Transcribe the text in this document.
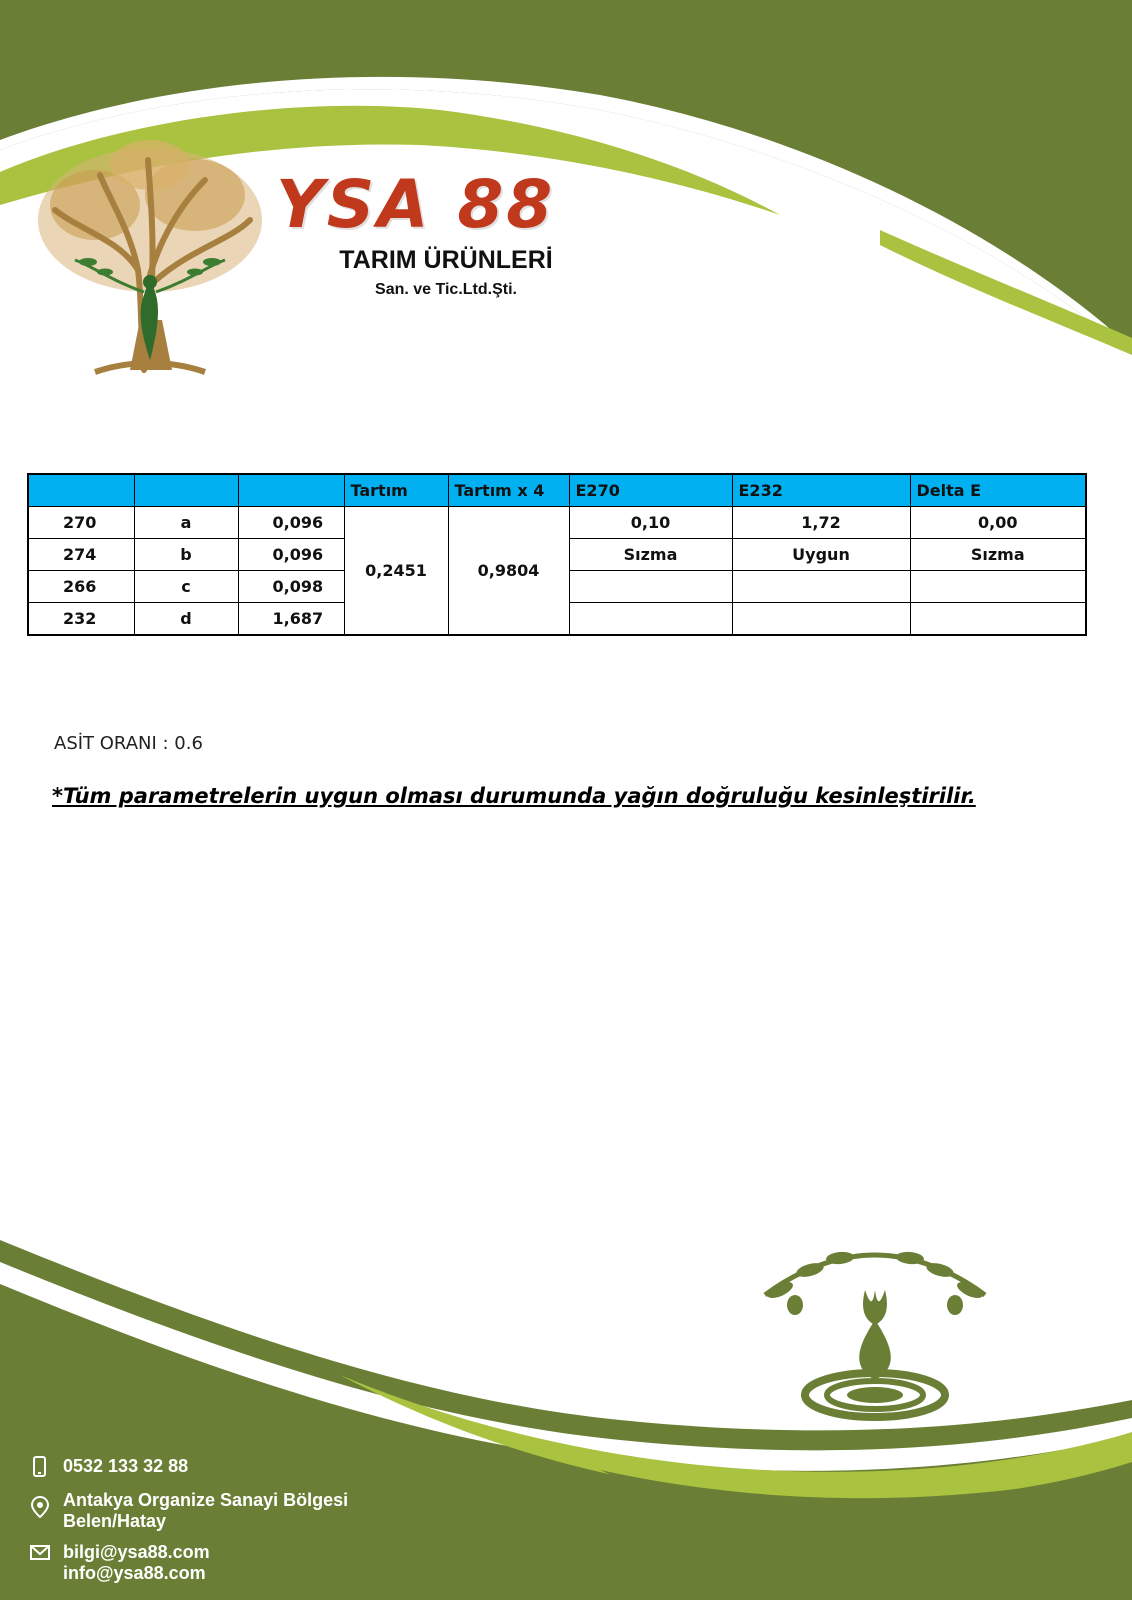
YSA 88
TARIM ÜRÜNLERİ
San. ve Tic.Ltd.Şti.
			Tartım	Tartım x 4	E270	E232	Delta E
270	a	0,096	0,2451	0,9804	0,10	1,72	0,00
274	b	0,096			Sızma	Uygun	Sızma
266	c	0,098					
232	d	1,687					
ASİT ORANI : 0.6
*Tüm parametrelerin uygun olması durumunda yağın doğruluğu kesinleştirilir.
0532 133 32 88
Antakya Organize Sanayi Bölgesi
Belen/Hatay
bilgi@ysa88.com
info@ysa88.com
